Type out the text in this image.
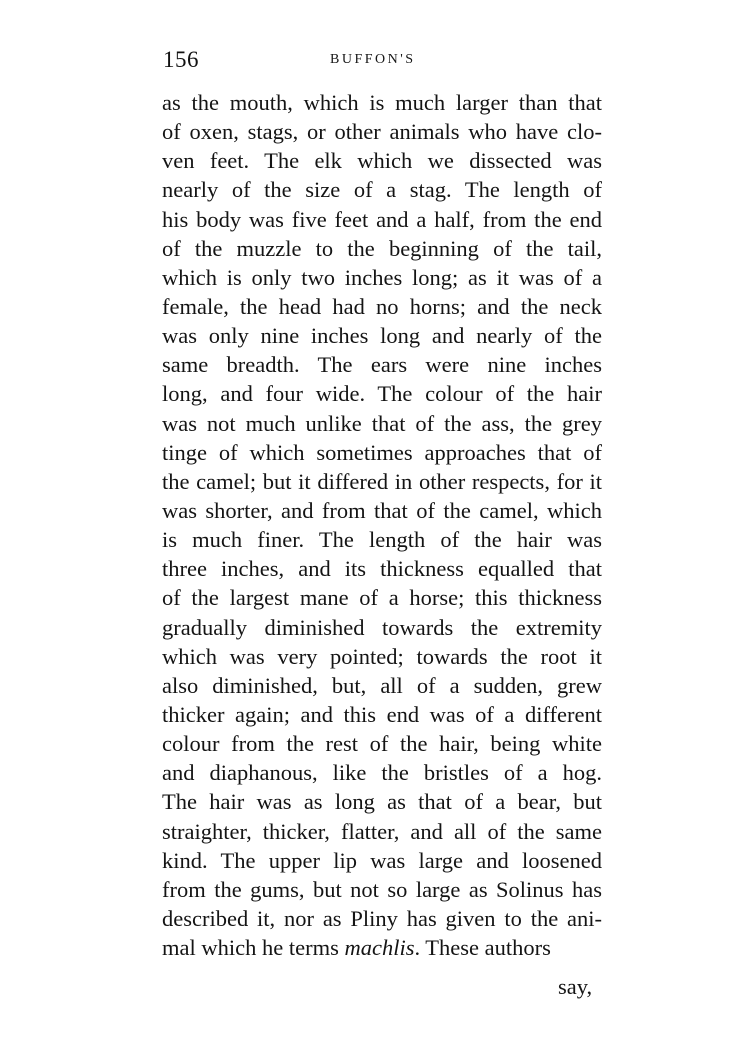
156	BUFFON'S
as the mouth, which is much larger than that
of oxen, stags, or other animals who have clo-
ven feet. The elk which we dissected was
nearly of the size of a stag. The length of
his body was five feet and a half, from the end
of the muzzle to the beginning of the tail,
which is only two inches long; as it was of a
female, the head had no horns; and the neck
was only nine inches long and nearly of the
same breadth. The ears were nine inches
long, and four wide. The colour of the hair
was not much unlike that of the ass, the grey
tinge of which sometimes approaches that of
the camel; but it differed in other respects, for it
was shorter, and from that of the camel, which
is much finer. The length of the hair was
three inches, and its thickness equalled that
of the largest mane of a horse; this thickness
gradually diminished towards the extremity
which was very pointed; towards the root it
also diminished, but, all of a sudden, grew
thicker again; and this end was of a different
colour from the rest of the hair, being white
and diaphanous, like the bristles of a hog.
The hair was as long as that of a bear, but
straighter, thicker, flatter, and all of the same
kind. The upper lip was large and loosened
from the gums, but not so large as Solinus has
described it, nor as Pliny has given to the ani-
mal which he terms machlis. These authors
say,
